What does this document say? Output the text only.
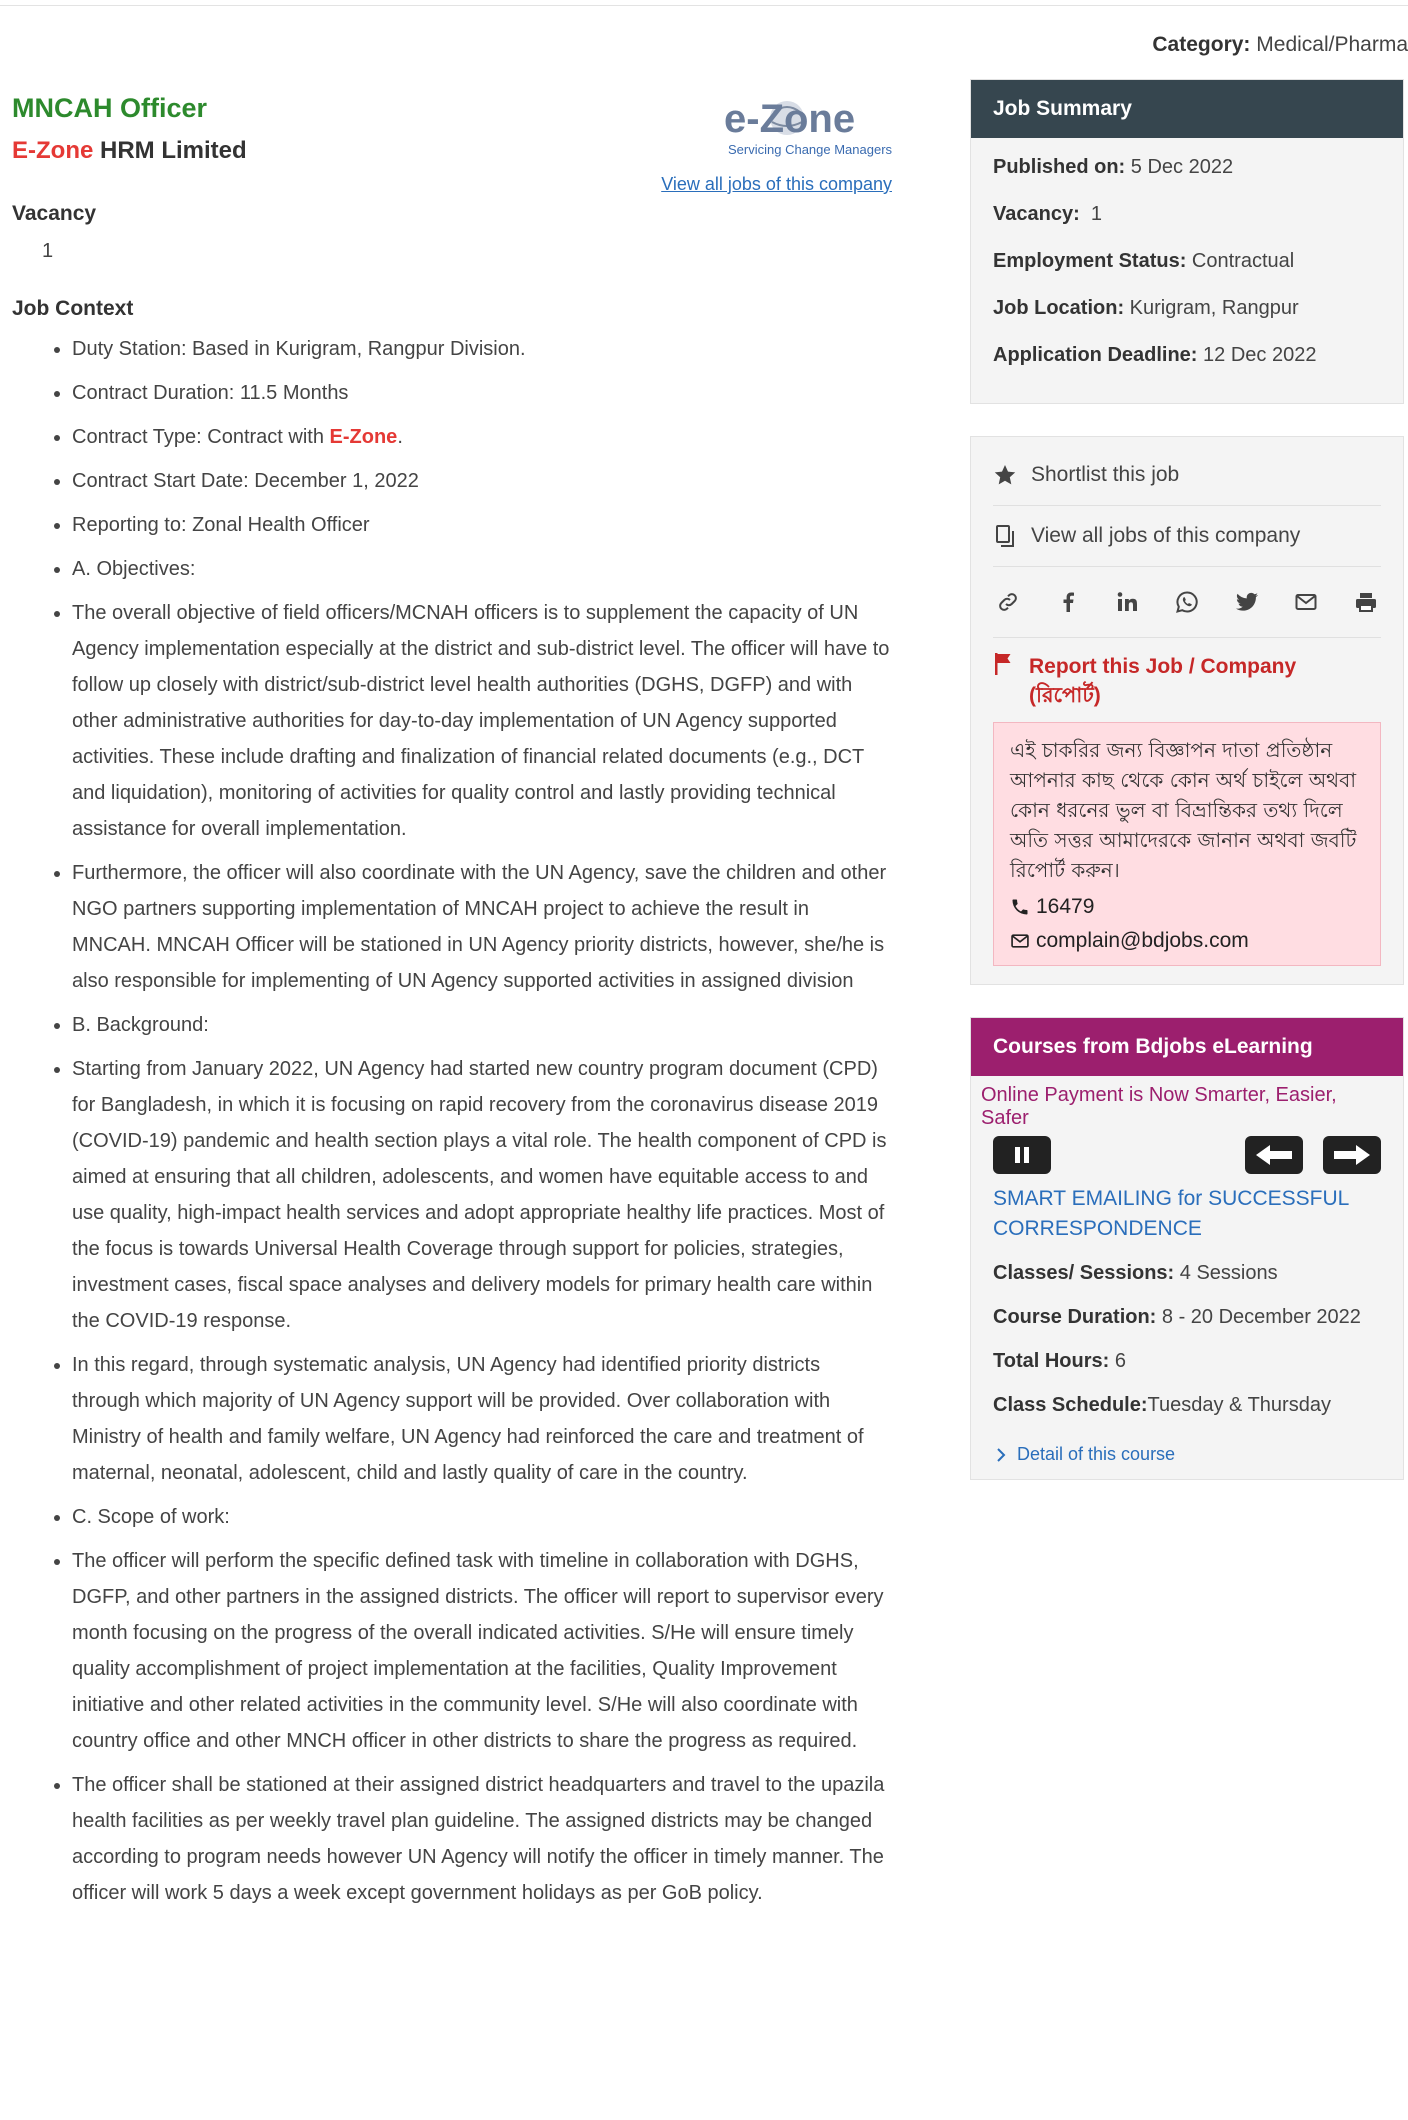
Category: Medical/Pharma
MNCAH Officer
E-Zone HRM Limited
e-Zone
Servicing Change Managers
View all jobs of this company
Vacancy
1
Job Context
• Duty Station: Based in Kurigram, Rangpur Division.
• Contract Duration: 11.5 Months
• Contract Type: Contract with E-Zone.
• Contract Start Date: December 1, 2022
• Reporting to: Zonal Health Officer
• A. Objectives:
• The overall objective of field officers/MCNAH officers is to supplement the capacity of UN Agency implementation especially at the district and sub-district level. The officer will have to follow up closely with district/sub-district level health authorities (DGHS, DGFP) and with other administrative authorities for day-to-day implementation of UN Agency supported activities. These include drafting and finalization of financial related documents (e.g., DCT and liquidation), monitoring of activities for quality control and lastly providing technical assistance for overall implementation.
• Furthermore, the officer will also coordinate with the UN Agency, save the children and other NGO partners supporting implementation of MNCAH project to achieve the result in MNCAH. MNCAH Officer will be stationed in UN Agency priority districts, however, she/he is also responsible for implementing of UN Agency supported activities in assigned division
• B. Background:
• Starting from January 2022, UN Agency had started new country program document (CPD) for Bangladesh, in which it is focusing on rapid recovery from the coronavirus disease 2019 (COVID-19) pandemic and health section plays a vital role. The health component of CPD is aimed at ensuring that all children, adolescents, and women have equitable access to and use quality, high-impact health services and adopt appropriate healthy life practices. Most of the focus is towards Universal Health Coverage through support for policies, strategies, investment cases, fiscal space analyses and delivery models for primary health care within the COVID-19 response.
• In this regard, through systematic analysis, UN Agency had identified priority districts through which majority of UN Agency support will be provided. Over collaboration with Ministry of health and family welfare, UN Agency had reinforced the care and treatment of maternal, neonatal, adolescent, child and lastly quality of care in the country.
• C. Scope of work:
• The officer will perform the specific defined task with timeline in collaboration with DGHS, DGFP, and other partners in the assigned districts. The officer will report to supervisor every month focusing on the progress of the overall indicated activities. S/He will ensure timely quality accomplishment of project implementation at the facilities, Quality Improvement initiative and other related activities in the community level. S/He will also coordinate with country office and other MNCH officer in other districts to share the progress as required.
• The officer shall be stationed at their assigned district headquarters and travel to the upazila health facilities as per weekly travel plan guideline. The assigned districts may be changed according to program needs however UN Agency will notify the officer in timely manner. The officer will work 5 days a week except government holidays as per GoB policy.
Job Summary
Published on: 5 Dec 2022
Vacancy: 1
Employment Status: Contractual
Job Location: Kurigram, Rangpur
Application Deadline: 12 Dec 2022
Shortlist this job
View all jobs of this company
Report this Job / Company
(রিপোর্ট)
এই চাকরির জন্য বিজ্ঞাপন দাতা প্রতিষ্ঠান আপনার কাছ থেকে কোন অর্থ চাইলে অথবা কোন ধরনের ভুল বা বিভ্রান্তিকর তথ্য দিলে অতি সত্তর আমাদেরকে জানান অথবা জবটি রিপোর্ট করুন।
16479
complain@bdjobs.com
Courses from Bdjobs eLearning
Online Payment is Now Smarter, Easier, Safer
SMART EMAILING for SUCCESSFUL CORRESPONDENCE
Classes/ Sessions: 4 Sessions
Course Duration: 8 - 20 December 2022
Total Hours: 6
Class Schedule:Tuesday & Thursday
Detail of this course
